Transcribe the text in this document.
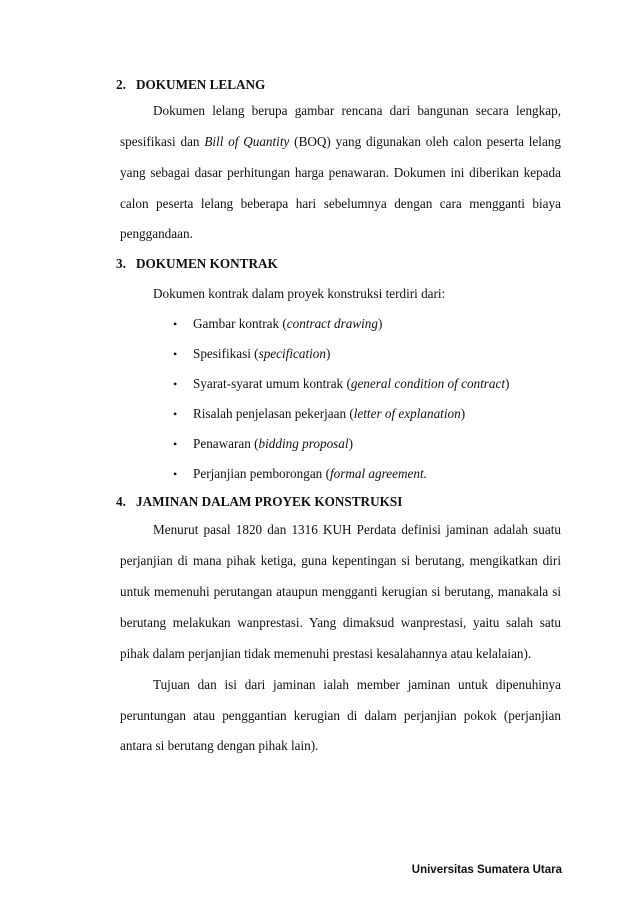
2. DOKUMEN LELANG
Dokumen lelang berupa gambar rencana dari bangunan secara lengkap,
spesifikasi dan Bill of Quantity (BOQ) yang digunakan oleh calon peserta lelang
yang sebagai dasar perhitungan harga penawaran. Dokumen ini diberikan kepada
calon peserta lelang beberapa hari sebelumnya dengan cara mengganti biaya
penggandaan.
3. DOKUMEN KONTRAK
Dokumen kontrak dalam proyek konstruksi terdiri dari:
• Gambar kontrak (contract drawing)
• Spesifikasi (specification)
• Syarat-syarat umum kontrak (general condition of contract)
• Risalah penjelasan pekerjaan (letter of explanation)
• Penawaran (bidding proposal)
• Perjanjian pemborongan (formal agreement.
4. JAMINAN DALAM PROYEK KONSTRUKSI
Menurut pasal 1820 dan 1316 KUH Perdata definisi jaminan adalah suatu
perjanjian di mana pihak ketiga, guna kepentingan si berutang, mengikatkan diri
untuk memenuhi perutangan ataupun mengganti kerugian si berutang, manakala si
berutang melakukan wanprestasi. Yang dimaksud wanprestasi, yaitu salah satu
pihak dalam perjanjian tidak memenuhi prestasi kesalahannya atau kelalaian).
Tujuan dan isi dari jaminan ialah member jaminan untuk dipenuhinya
peruntungan atau penggantian kerugian di dalam perjanjian pokok (perjanjian
antara si berutang dengan pihak lain).
Universitas Sumatera Utara
